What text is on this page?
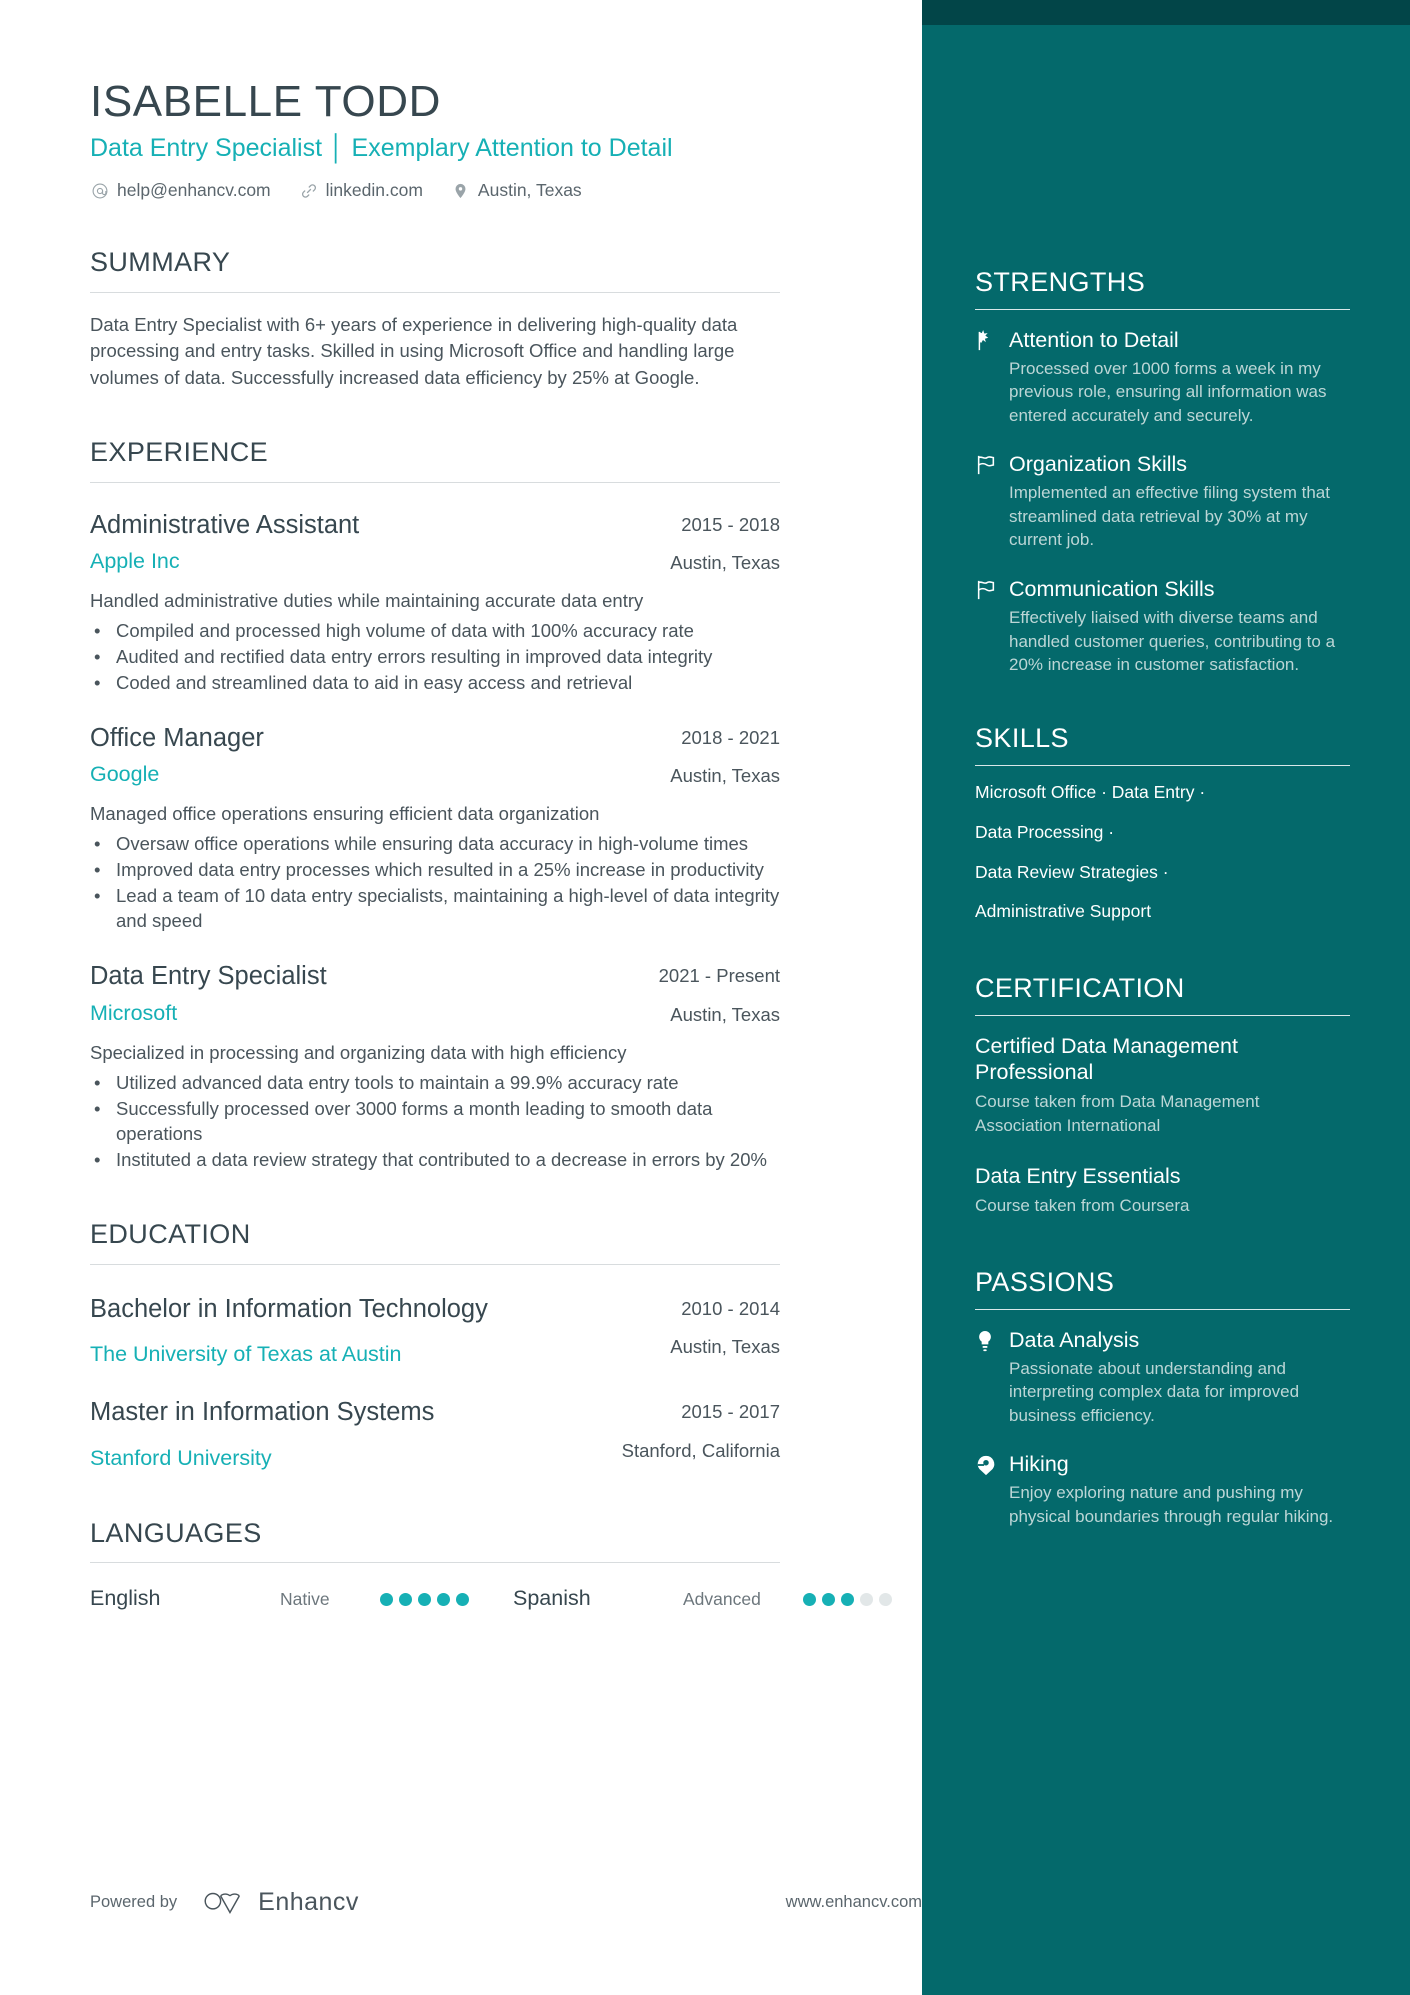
STRENGTHS
Attention to Detail
Processed over 1000 forms a week in my previous role, ensuring all information was entered accurately and securely.
Organization Skills
Implemented an effective filing system that streamlined data retrieval by 30% at my current job.
Communication Skills
Effectively liaised with diverse teams and handled customer queries, contributing to a 20% increase in customer satisfaction.
SKILLS
Microsoft Office · Data Entry ·
Data Processing ·
Data Review Strategies ·
Administrative Support
CERTIFICATION
Certified Data Management Professional
Course taken from Data Management Association International
Data Entry Essentials
Course taken from Coursera
PASSIONS
Data Analysis
Passionate about understanding and interpreting complex data for improved business efficiency.
Hiking
Enjoy exploring nature and pushing my physical boundaries through regular hiking.
ISABELLE TODD
Data Entry Specialist │ Exemplary Attention to Detail
help@enhancv.com	linkedin.com	Austin, Texas
SUMMARY
Data Entry Specialist with 6+ years of experience in delivering high-quality data processing and entry tasks. Skilled in using Microsoft Office and handling large volumes of data. Successfully increased data efficiency by 25% at Google.
EXPERIENCE
Administrative Assistant	2015 - 2018
Apple Inc	Austin, Texas
Handled administrative duties while maintaining accurate data entry
• Compiled and processed high volume of data with 100% accuracy rate
• Audited and rectified data entry errors resulting in improved data integrity
• Coded and streamlined data to aid in easy access and retrieval
Office Manager	2018 - 2021
Google	Austin, Texas
Managed office operations ensuring efficient data organization
• Oversaw office operations while ensuring data accuracy in high-volume times
• Improved data entry processes which resulted in a 25% increase in productivity
• Lead a team of 10 data entry specialists, maintaining a high-level of data integrity and speed
Data Entry Specialist	2021 - Present
Microsoft	Austin, Texas
Specialized in processing and organizing data with high efficiency
• Utilized advanced data entry tools to maintain a 99.9% accuracy rate
• Successfully processed over 3000 forms a month leading to smooth data operations
• Instituted a data review strategy that contributed to a decrease in errors by 20%
EDUCATION
Bachelor in Information Technology	2010 - 2014
The University of Texas at Austin	Austin, Texas
Master in Information Systems	2015 - 2017
Stanford University	Stanford, California
LANGUAGES
English	Native	Spanish	Advanced
Powered by	Enhancv	www.enhancv.com
